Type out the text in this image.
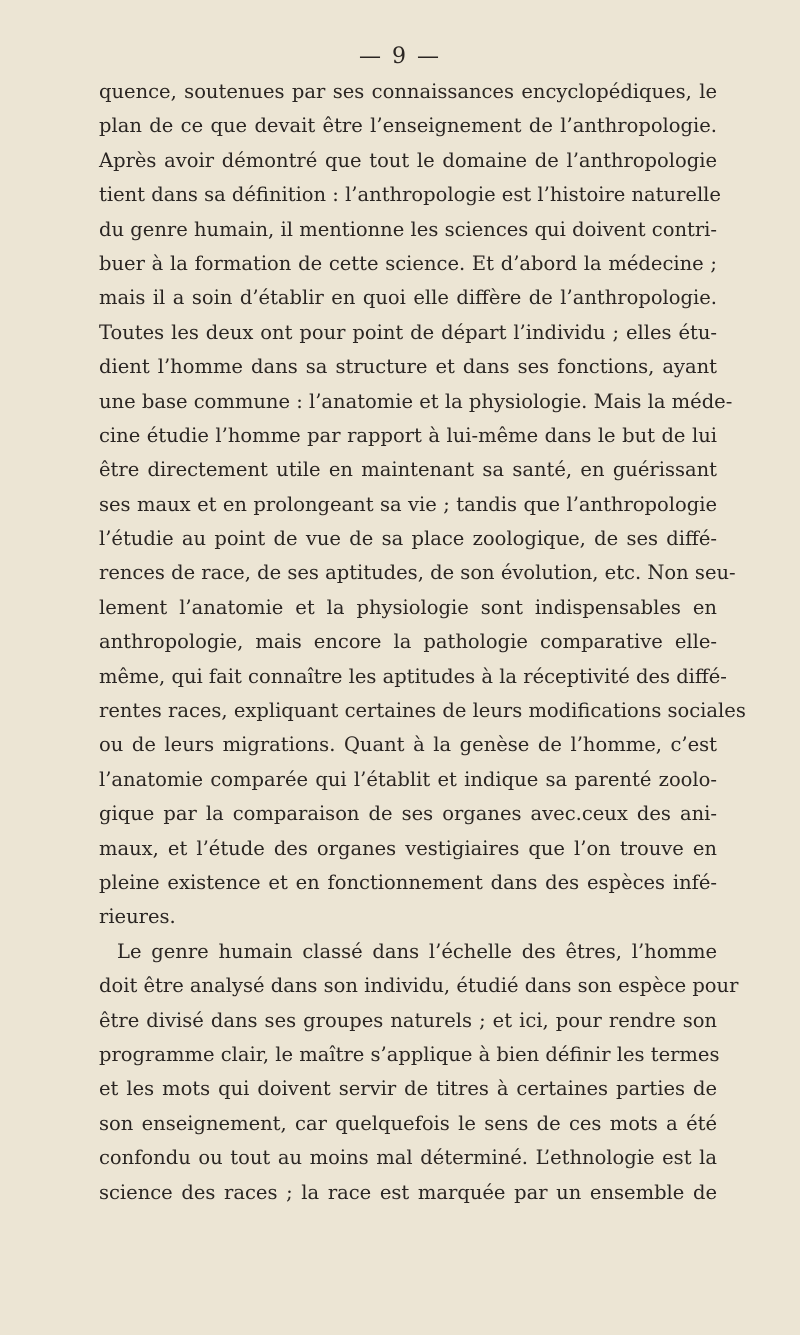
— 9 —
quence, soutenues par ses connaissances encyclopédiques, le
plan de ce que devait être l’enseignement de l’anthropologie.
Après avoir démontré que tout le domaine de l’anthropologie
tient dans sa définition : l’anthropologie est l’histoire naturelle
du genre humain, il mentionne les sciences qui doivent contri-
buer à la formation de cette science. Et d’abord la médecine ;
mais il a soin d’établir en quoi elle diffère de l’anthropologie.
Toutes les deux ont pour point de départ l’individu ; elles étu-
dient l’homme dans sa structure et dans ses fonctions, ayant
une base commune : l’anatomie et la physiologie. Mais la méde-
cine étudie l’homme par rapport à lui-même dans le but de lui
être directement utile en maintenant sa santé, en guérissant
ses maux et en prolongeant sa vie ; tandis que l’anthropologie
l’étudie au point de vue de sa place zoologique, de ses diffé-
rences de race, de ses aptitudes, de son évolution, etc. Non seu-
lement l’anatomie et la physiologie sont indispensables en
anthropologie, mais encore la pathologie comparative elle-
même, qui fait connaître les aptitudes à la réceptivité des diffé-
rentes races, expliquant certaines de leurs modifications sociales
ou de leurs migrations. Quant à la genèse de l’homme, c’est
l’anatomie comparée qui l’établit et indique sa parenté zoolo-
gique par la comparaison de ses organes avec.ceux des ani-
maux, et l’étude des organes vestigiaires que l’on trouve en
pleine existence et en fonctionnement dans des espèces infé-
rieures.
Le genre humain classé dans l’échelle des êtres, l’homme
doit être analysé dans son individu, étudié dans son espèce pour
être divisé dans ses groupes naturels ; et ici, pour rendre son
programme clair, le maître s’applique à bien définir les termes
et les mots qui doivent servir de titres à certaines parties de
son enseignement, car quelquefois le sens de ces mots a été
confondu ou tout au moins mal déterminé. L’ethnologie est la
science des races ; la race est marquée par un ensemble de
